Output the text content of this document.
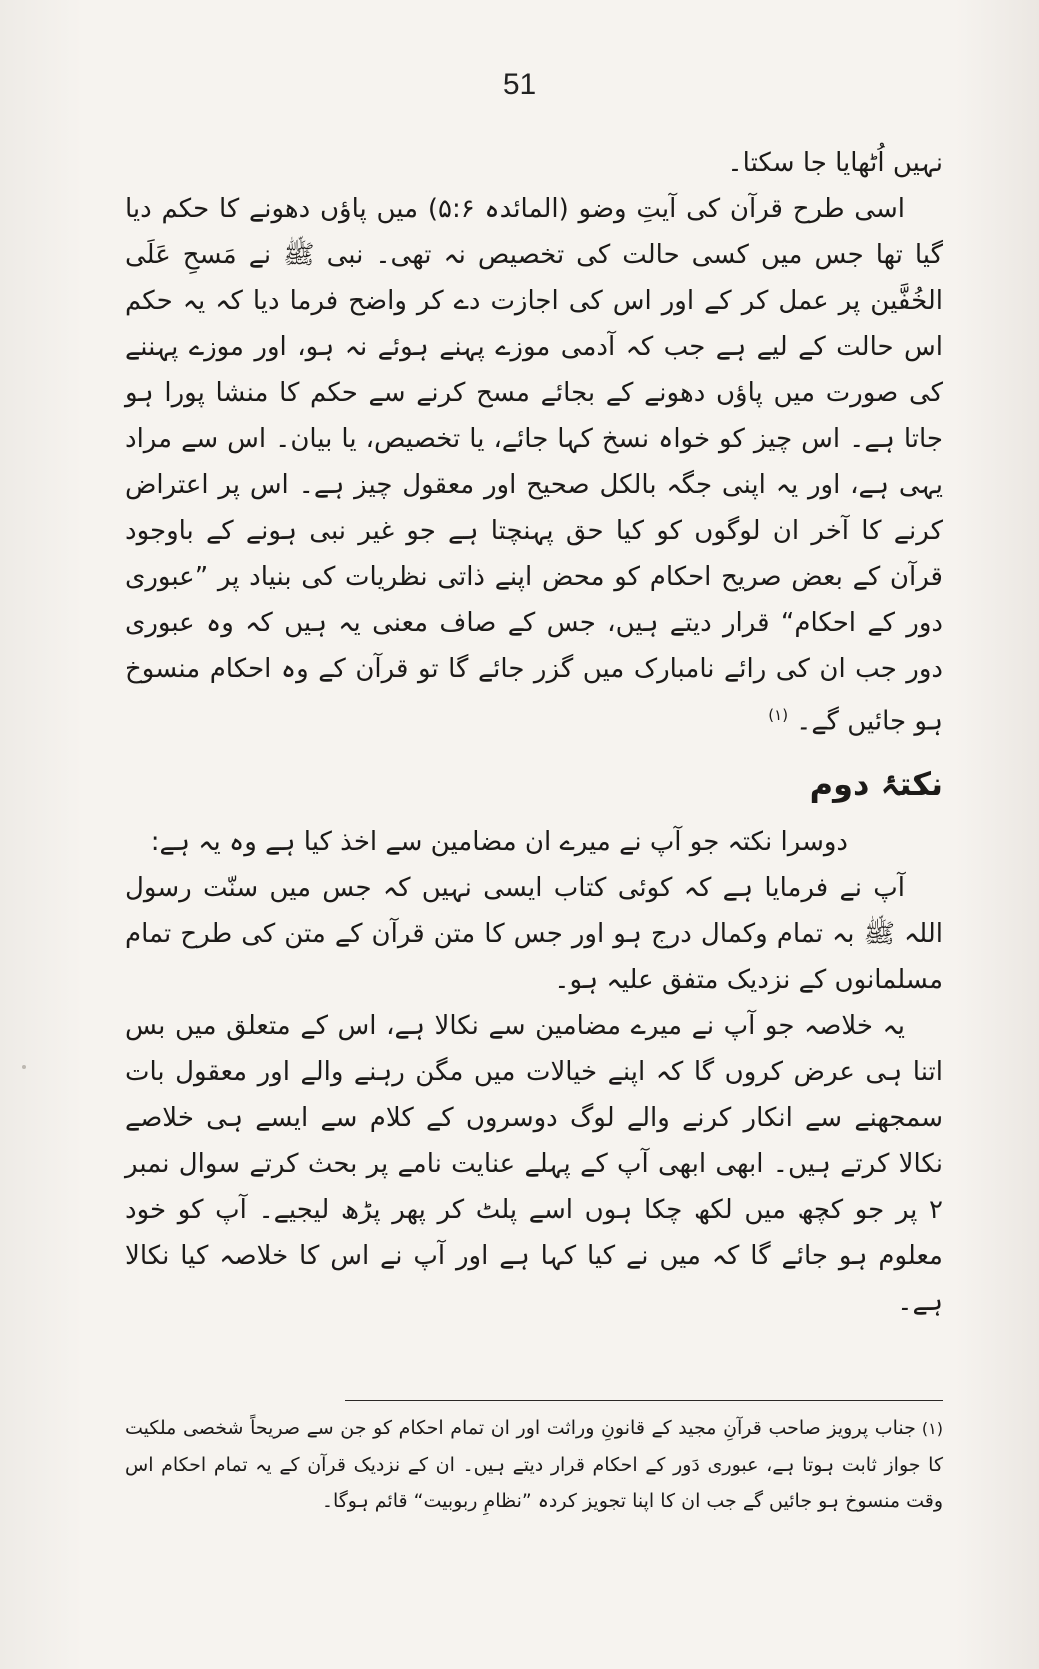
51

نہیں اُٹھایا جا سکتا۔

اسی طرح قرآن کی آیتِ وضو (المائدہ ۵:۶) میں پاؤں دھونے کا حکم دیا گیا تھا جس میں کسی حالت کی تخصیص نہ تھی۔ نبی ﷺ نے مَسحِ عَلَی الخُفَّین پر عمل کر کے اور اس کی اجازت دے کر واضح فرما دیا کہ یہ حکم اس حالت کے لیے ہے جب کہ آدمی موزے پہنے ہوئے نہ ہو، اور موزے پہننے کی صورت میں پاؤں دھونے کے بجائے مسح کرنے سے حکم کا منشا پورا ہو جاتا ہے۔ اس چیز کو خواہ نسخ کہا جائے، یا تخصیص، یا بیان۔ اس سے مراد یہی ہے، اور یہ اپنی جگہ بالکل صحیح اور معقول چیز ہے۔ اس پر اعتراض کرنے کا آخر ان لوگوں کو کیا حق پہنچتا ہے جو غیر نبی ہونے کے باوجود قرآن کے بعض صریح احکام کو محض اپنے ذاتی نظریات کی بنیاد پر ”عبوری دور کے احکام“ قرار دیتے ہیں، جس کے صاف معنی یہ ہیں کہ وہ عبوری دور جب ان کی رائے نامبارک میں گزر جائے گا تو قرآن کے وہ احکام منسوخ ہو جائیں گے۔$^{(۱)}$

نکتۂ دوم

دوسرا نکتہ جو آپ نے میرے ان مضامین سے اخذ کیا ہے وہ یہ ہے:

آپ نے فرمایا ہے کہ کوئی کتاب ایسی نہیں کہ جس میں سنّت رسول اللہ ﷺ بہ تمام وکمال درج ہو اور جس کا متن قرآن کے متن کی طرح تمام مسلمانوں کے نزدیک متفق علیہ ہو۔

یہ خلاصہ جو آپ نے میرے مضامین سے نکالا ہے، اس کے متعلق میں بس اتنا ہی عرض کروں گا کہ اپنے خیالات میں مگن رہنے والے اور معقول بات سمجھنے سے انکار کرنے والے لوگ دوسروں کے کلام سے ایسے ہی خلاصے نکالا کرتے ہیں۔ ابھی ابھی آپ کے پہلے عنایت نامے پر بحث کرتے سوال نمبر ۲ پر جو کچھ میں لکھ چکا ہوں اسے پلٹ کر پھر پڑھ لیجیے۔ آپ کو خود معلوم ہو جائے گا کہ میں نے کیا کہا ہے اور آپ نے اس کا خلاصہ کیا نکالا ہے۔

(۱)جناب پرویز صاحب قرآنِ مجید کے قانونِ وراثت اور ان تمام احکام کو جن سے صریحاً شخصی ملکیت کا جواز ثابت ہوتا ہے، عبوری دَور کے احکام قرار دیتے ہیں۔ ان کے نزدیک قرآن کے یہ تمام احکام اس وقت منسوخ ہو جائیں گے جب ان کا اپنا تجویز کردہ ”نظامِ ربوبیت“ قائم ہوگا۔
